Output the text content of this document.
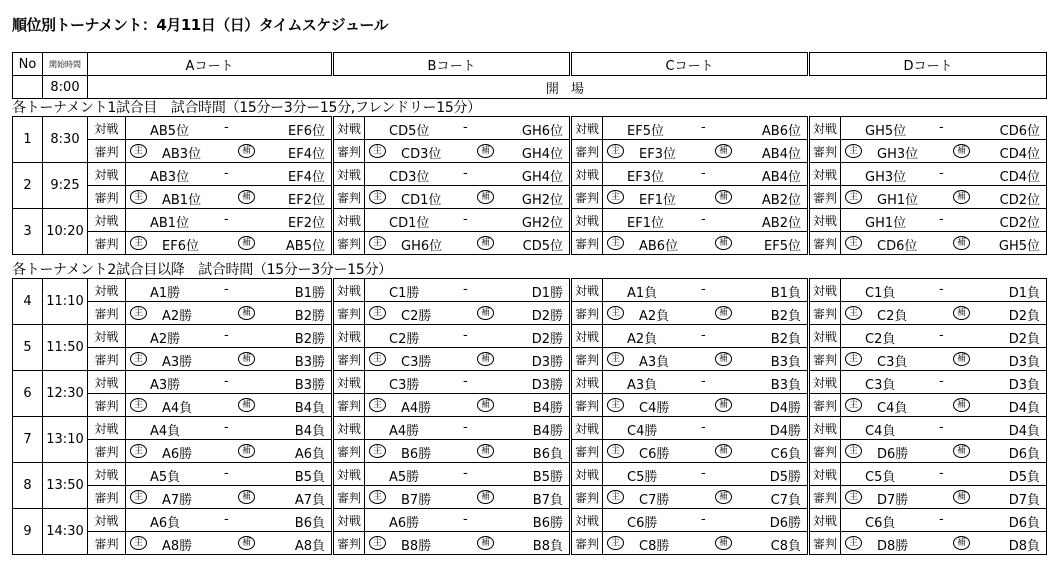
順位別トーナメント：4月11日（日）タイムスケジュール
No	開始時間	Aコート	Bコート	Cコート	Dコート
	8:00	開 場			
各トーナメント1試合目　試合時間（15分ー3分ー15分,フレンドリー15分）
1	8:30	対戦	AB5位 - EF6位	対戦	CD5位 - GH6位	対戦	EF5位 - AB6位	対戦	GH5位 - CD6位

		審判	主 AB3位 補 EF4位	審判	主 CD3位 補 GH4位	審判	主 EF3位 補 AB4位	審判	主 GH3位 補 CD4位

2	9:25	対戦	AB3位 - EF4位	対戦	CD3位 - GH4位	対戦	EF3位 - AB4位	対戦	GH3位 - CD4位

		審判	主 AB1位 補 EF2位	審判	主 CD1位 補 GH2位	審判	主 EF1位 補 AB2位	審判	主 GH1位 補 CD2位

3	10:20	対戦	AB1位 - EF2位	対戦	CD1位 - GH2位	対戦	EF1位 - AB2位	対戦	GH1位 - CD2位

		審判	主 EF6位 補 AB5位	審判	主 GH6位 補 CD5位	審判	主 AB6位 補 EF5位	審判	主 CD6位 補 GH5位
各トーナメント2試合目以降　試合時間（15分ー3分ー15分）
4	11:10	対戦	A1勝 - B1勝	対戦	C1勝 - D1勝	対戦	A1負 - B1負	対戦	C1負 - D1負

		審判	主 A2勝 補 B2勝	審判	主 C2勝 補 D2勝	審判	主 A2負 補 B2負	審判	主 C2負 補 D2負

5	11:50	対戦	A2勝 - B2勝	対戦	C2勝 - D2勝	対戦	A2負 - B2負	対戦	C2負 - D2負

		審判	主 A3勝 補 B3勝	審判	主 C3勝 補 D3勝	審判	主 A3負 補 B3負	審判	主 C3負 補 D3負

6	12:30	対戦	A3勝 - B3勝	対戦	C3勝 - D3勝	対戦	A3負 - B3負	対戦	C3負 - D3負

		審判	主 A4負 補 B4負	審判	主 A4勝 補 B4勝	審判	主 C4勝 補 D4勝	審判	主 C4負 補 D4負

7	13:10	対戦	A4負 - B4負	対戦	A4勝 - B4勝	対戦	C4勝 - D4勝	対戦	C4負 - D4負

		審判	主 A6勝 補 A6負	審判	主 B6勝 補 B6負	審判	主 C6勝 補 C6負	審判	主 D6勝 補 D6負

8	13:50	対戦	A5負 - B5負	対戦	A5勝 - B5勝	対戦	C5勝 - D5勝	対戦	C5負 - D5負

		審判	主 A7勝 補 A7負	審判	主 B7勝 補 B7負	審判	主 C7勝 補 C7負	審判	主 D7勝 補 D7負

9	14:30	対戦	A6負 - B6負	対戦	A6勝 - B6勝	対戦	C6勝 - D6勝	対戦	C6負 - D6負

		審判	主 A8勝 補 A8負	審判	主 B8勝 補 B8負	審判	主 C8勝 補 C8負	審判	主 D8勝 補 D8負
